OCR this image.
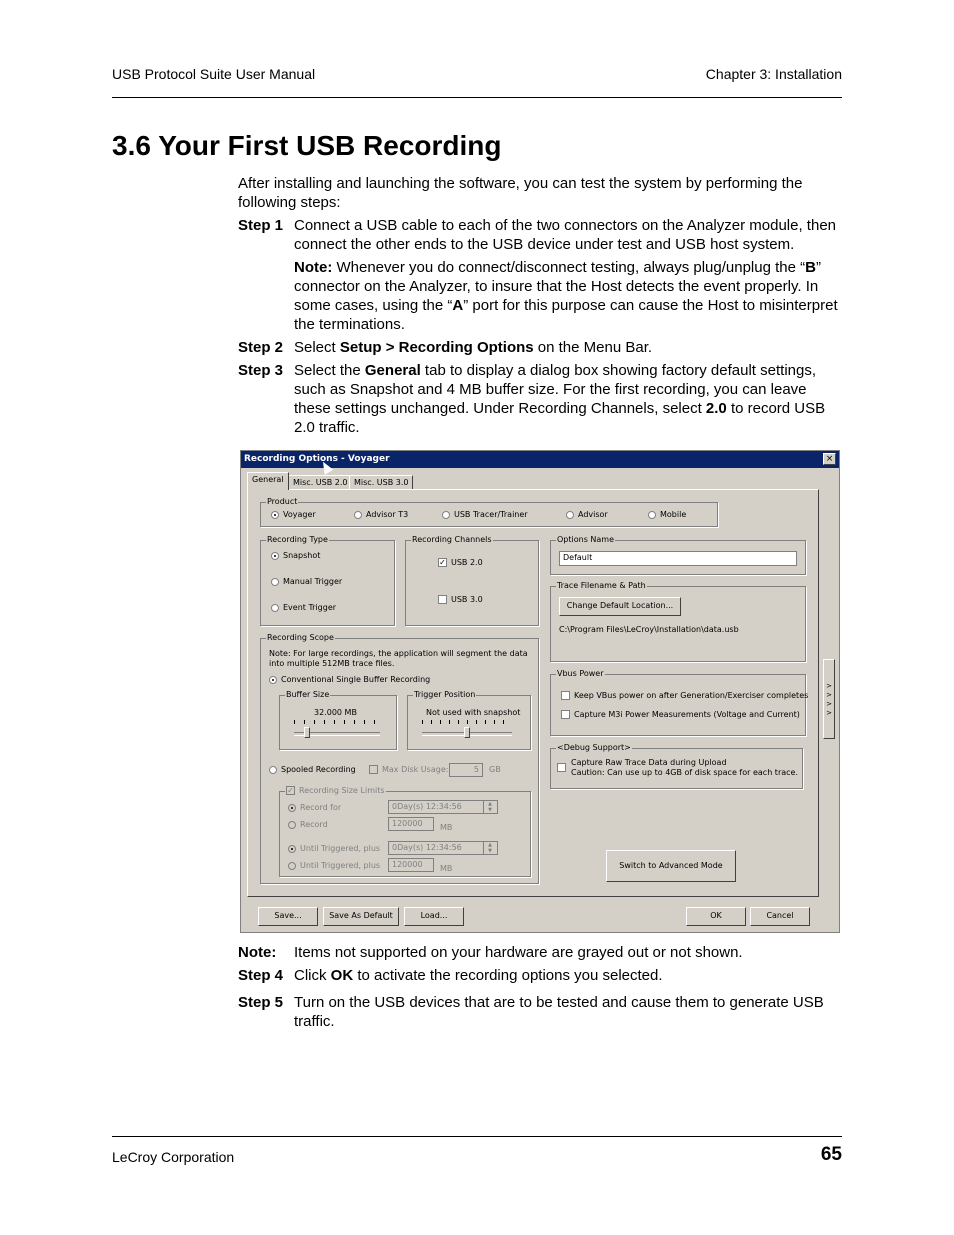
USB Protocol Suite User Manual	Chapter 3: Installation
3.6 Your First USB Recording
After installing and launching the software, you can test the system by performing the following steps:
Step 1 Connect a USB cable to each of the two connectors on the Analyzer module, then connect the other ends to the USB device under test and USB host system.
Note: Whenever you do connect/disconnect testing, always plug/unplug the “B” connector on the Analyzer, to insure that the Host detects the event properly. In some cases, using the “A” port for this purpose can cause the Host to misinterpret the terminations.
Step 2 Select Setup > Recording Options on the Menu Bar.
Step 3 Select the General tab to display a dialog box showing factory default settings, such as Snapshot and 4 MB buffer size. For the first recording, you can leave these settings unchanged. Under Recording Channels, select 2.0 to record USB 2.0 traffic.
Recording Options - Voyager	×
General	Misc. USB 2.0 Misc. USB 3.0
Product
Voyager	Advisor T3	USB Tracer/Trainer	Advisor	Mobile
Recording Type
Snapshot
Manual Trigger
Event Trigger
Recording Channels
✓ USB 2.0
USB 3.0
Options Name
Default
Trace Filename & Path
Change Default Location...
C:\Program Files\LeCroy\Installation\data.usb
Vbus Power
Keep VBus power on after Generation/Exerciser completes
Capture M3i Power Measurements (Voltage and Current)
<Debug Support>
Capture Raw Trace Data during Upload
Caution: Can use up to 4GB of disk space for each trace.
Recording Scope
Note: For large recordings, the application will segment the data into multiple 512MB trace files.
Conventional Single Buffer Recording
Buffer Size
32.000 MB
Trigger Position
Not used with snapshot
Spooled Recording	Max Disk Usage:	5	GB
✓ Recording Size Limits
Record for	0Day(s) 12:34:56	▲
▼
Record	120000	MB
Until Triggered, plus	0Day(s) 12:34:56	▲
▼
Until Triggered, plus	120000	MB	Switch to Advanced Mode
>
>
>
>
Save...	Save As Default	Load...	OK	Cancel
Note: Items not supported on your hardware are grayed out or not shown.
Step 4 Click OK to activate the recording options you selected.
Step 5 Turn on the USB devices that are to be tested and cause them to generate USB traffic.
LeCroy Corporation	65
